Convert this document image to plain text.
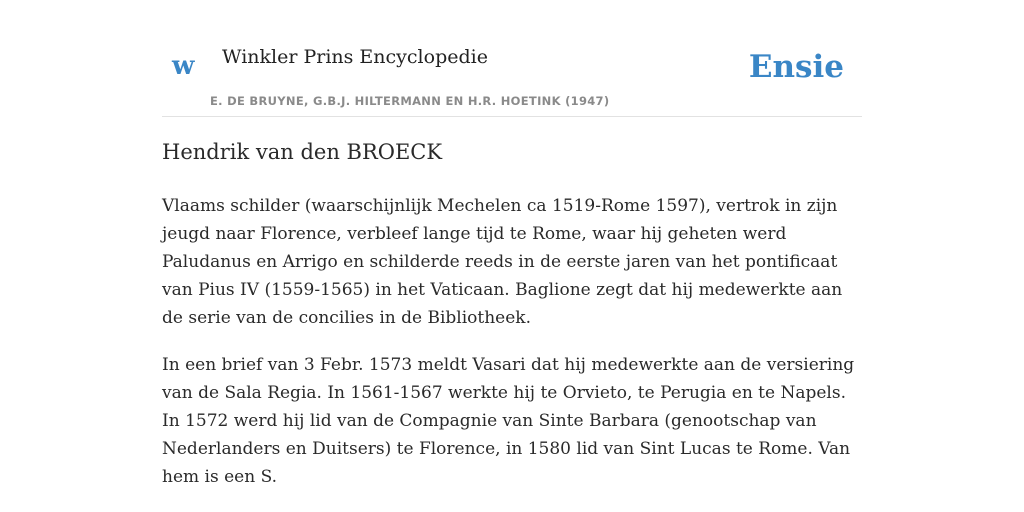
w Winkler Prins Encyclopedie
E. DE BRUYNE, G.B.J. HILTERMANN EN H.R. HOETINK (1947)
Ensie
Hendrik van den BROECK

Vlaams schilder (waarschijnlijk Mechelen ca 1519-Rome 1597), vertrok in zijn jeugd naar Florence, verbleef lange tijd te Rome, waar hij geheten werd Paludanus en Arrigo en schilderde reeds in de eerste jaren van het pontificaat van Pius IV (1559-1565) in het Vaticaan. Baglione zegt dat hij medewerkte aan de serie van de concilies in de Bibliotheek.

In een brief van 3 Febr. 1573 meldt Vasari dat hij medewerkte aan de versiering van de Sala Regia. In 1561-1567 werkte hij te Orvieto, te Perugia en te Napels. In 1572 werd hij lid van de Compagnie van Sinte Barbara (genootschap van Nederlanders en Duitsers) te Florence, in 1580 lid van Sint Lucas te Rome. Van hem is een S.
